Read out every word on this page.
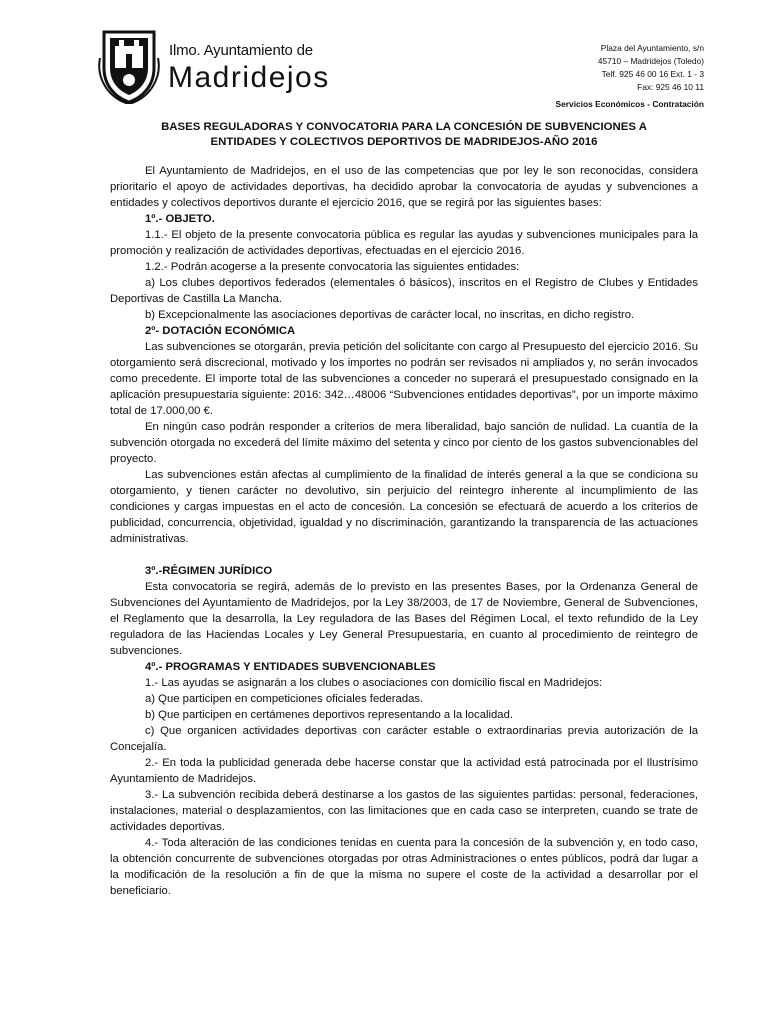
Ilmo. Ayuntamiento de
Madridejos
Plaza del Ayuntamiento, s/n
45710 – Madridejos (Toledo)
Telf. 925 46 00 16 Ext. 1 - 3
Fax: 925 46 10 11
Servicios Económicos - Contratación
BASES REGULADORAS Y CONVOCATORIA PARA LA CONCESIÓN DE SUBVENCIONES A
ENTIDADES Y COLECTIVOS DEPORTIVOS DE MADRIDEJOS-AÑO 2016

El Ayuntamiento de Madridejos, en el uso de las competencias que por ley le son reconocidas, considera prioritario el apoyo de actividades deportivas, ha decidido aprobar la convocatoria de ayudas y subvenciones a entidades y colectivos deportivos durante el ejercicio 2016, que se regirá por las siguientes bases:

1º.- OBJETO.

1.1.- El objeto de la presente convocatoria pública es regular las ayudas y subvenciones municipales para la promoción y realización de actividades deportivas, efectuadas en el ejercicio 2016.

1.2.- Podrán acogerse a la presente convocatoria las siguientes entidades:

a) Los clubes deportivos federados (elementales ó básicos), inscritos en el Registro de Clubes y Entidades Deportivas de Castilla La Mancha.

b) Excepcionalmente las asociaciones deportivas de carácter local, no inscritas, en dicho registro.

2º- DOTACIÓN ECONÓMICA

Las subvenciones se otorgarán, previa petición del solicitante con cargo al Presupuesto del ejercicio 2016. Su otorgamiento será discrecional, motivado y los importes no podrán ser revisados ni ampliados y, no serán invocados como precedente. El importe total de las subvenciones a conceder no superará el presupuestado consignado en la aplicación presupuestaria siguiente: 2016: 342…48006 “Subvenciones entidades deportivas”, por un importe máximo total de 17.000,00 €.

En ningún caso podrán responder a criterios de mera liberalidad, bajo sanción de nulidad. La cuantía de la subvención otorgada no excederá del límite máximo del setenta y cinco por ciento de los gastos subvencionables del proyecto.

Las subvenciones están afectas al cumplimiento de la finalidad de interés general a la que se condiciona su otorgamiento, y tienen carácter no devolutivo, sin perjuicio del reintegro inherente al incumplimiento de las condiciones y cargas impuestas en el acto de concesión. La concesión se efectuará de acuerdo a los criterios de publicidad, concurrencia, objetividad, igualdad y no discriminación, garantizando la transparencia de las actuaciones administrativas.

3º.-RÉGIMEN JURÍDICO

Esta convocatoria se regirá, además de lo previsto en las presentes Bases, por la Ordenanza General de Subvenciones del Ayuntamiento de Madridejos, por la Ley 38/2003, de 17 de Noviembre, General de Subvenciones, el Reglamento que la desarrolla, la Ley reguladora de las Bases del Régimen Local, el texto refundido de la Ley reguladora de las Haciendas Locales y Ley General Presupuestaria, en cuanto al procedimiento de reintegro de subvenciones.

4º.- PROGRAMAS Y ENTIDADES SUBVENCIONABLES

1.- Las ayudas se asignarán a los clubes o asociaciones con domicilio fiscal en Madridejos:

a) Que participen en competiciones oficiales federadas.

b) Que participen en certámenes deportivos representando a la localidad.

c) Que organicen actividades deportivas con carácter estable o extraordinarias previa autorización de la Concejalía.

2.- En toda la publicidad generada debe hacerse constar que la actividad está patrocinada por el Ilustrísimo Ayuntamiento de Madridejos.

3.- La subvención recibida deberá destinarse a los gastos de las siguientes partidas: personal, federaciones, instalaciones, material o desplazamientos, con las limitaciones que en cada caso se interpreten, cuando se trate de actividades deportivas.

4.- Toda alteración de las condiciones tenidas en cuenta para la concesión de la subvención y, en todo caso, la obtención concurrente de subvenciones otorgadas por otras Administraciones o entes públicos, podrá dar lugar a la modificación de la resolución a fin de que la misma no supere el coste de la actividad a desarrollar por el beneficiario.
